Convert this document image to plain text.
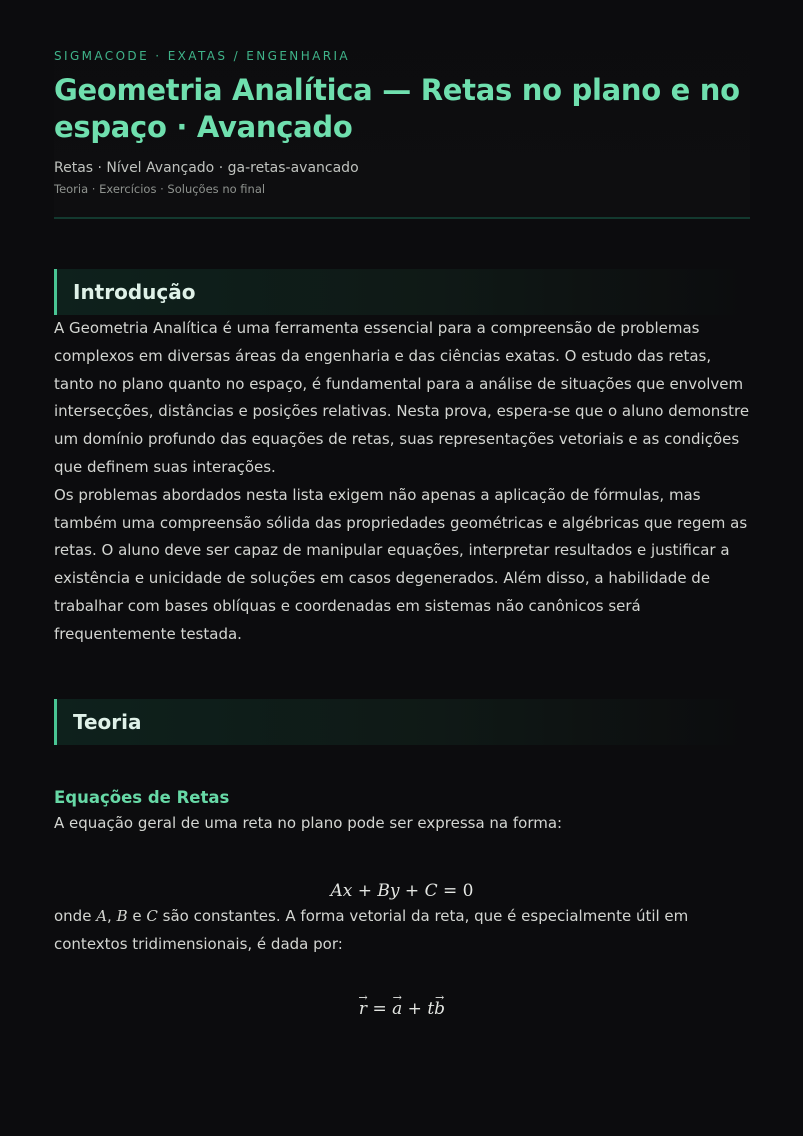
SIGMACODE · EXATAS / ENGENHARIA

Geometria Analítica — Retas no plano e no espaço · Avançado
Retas · Nível Avançado · ga-retas-avancado
Teoria · Exercícios · Soluções no final
Introdução

A Geometria Analítica é uma ferramenta essencial para a compreensão de problemas complexos em diversas áreas da engenharia e das ciências exatas. O estudo das retas, tanto no plano quanto no espaço, é fundamental para a análise de situações que envolvem intersecções, distâncias e posições relativas. Nesta prova, espera-se que o aluno demonstre um domínio profundo das equações de retas, suas representações vetoriais e as condições que definem suas interações.

Os problemas abordados nesta lista exigem não apenas a aplicação de fórmulas, mas também uma compreensão sólida das propriedades geométricas e algébricas que regem as retas. O aluno deve ser capaz de manipular equações, interpretar resultados e justificar a existência e unicidade de soluções em casos degenerados. Além disso, a habilidade de trabalhar com bases oblíquas e coordenadas em sistemas não canônicos será frequentemente testada.

Teoria
Equações de Retas

A equação geral de uma reta no plano pode ser expressa na forma:

Ax + By + C = 0

onde A, B e C são constantes. A forma vetorial da reta, que é especialmente útil em contextos tridimensionais, é dada por:

→ r = → a + t→ b
